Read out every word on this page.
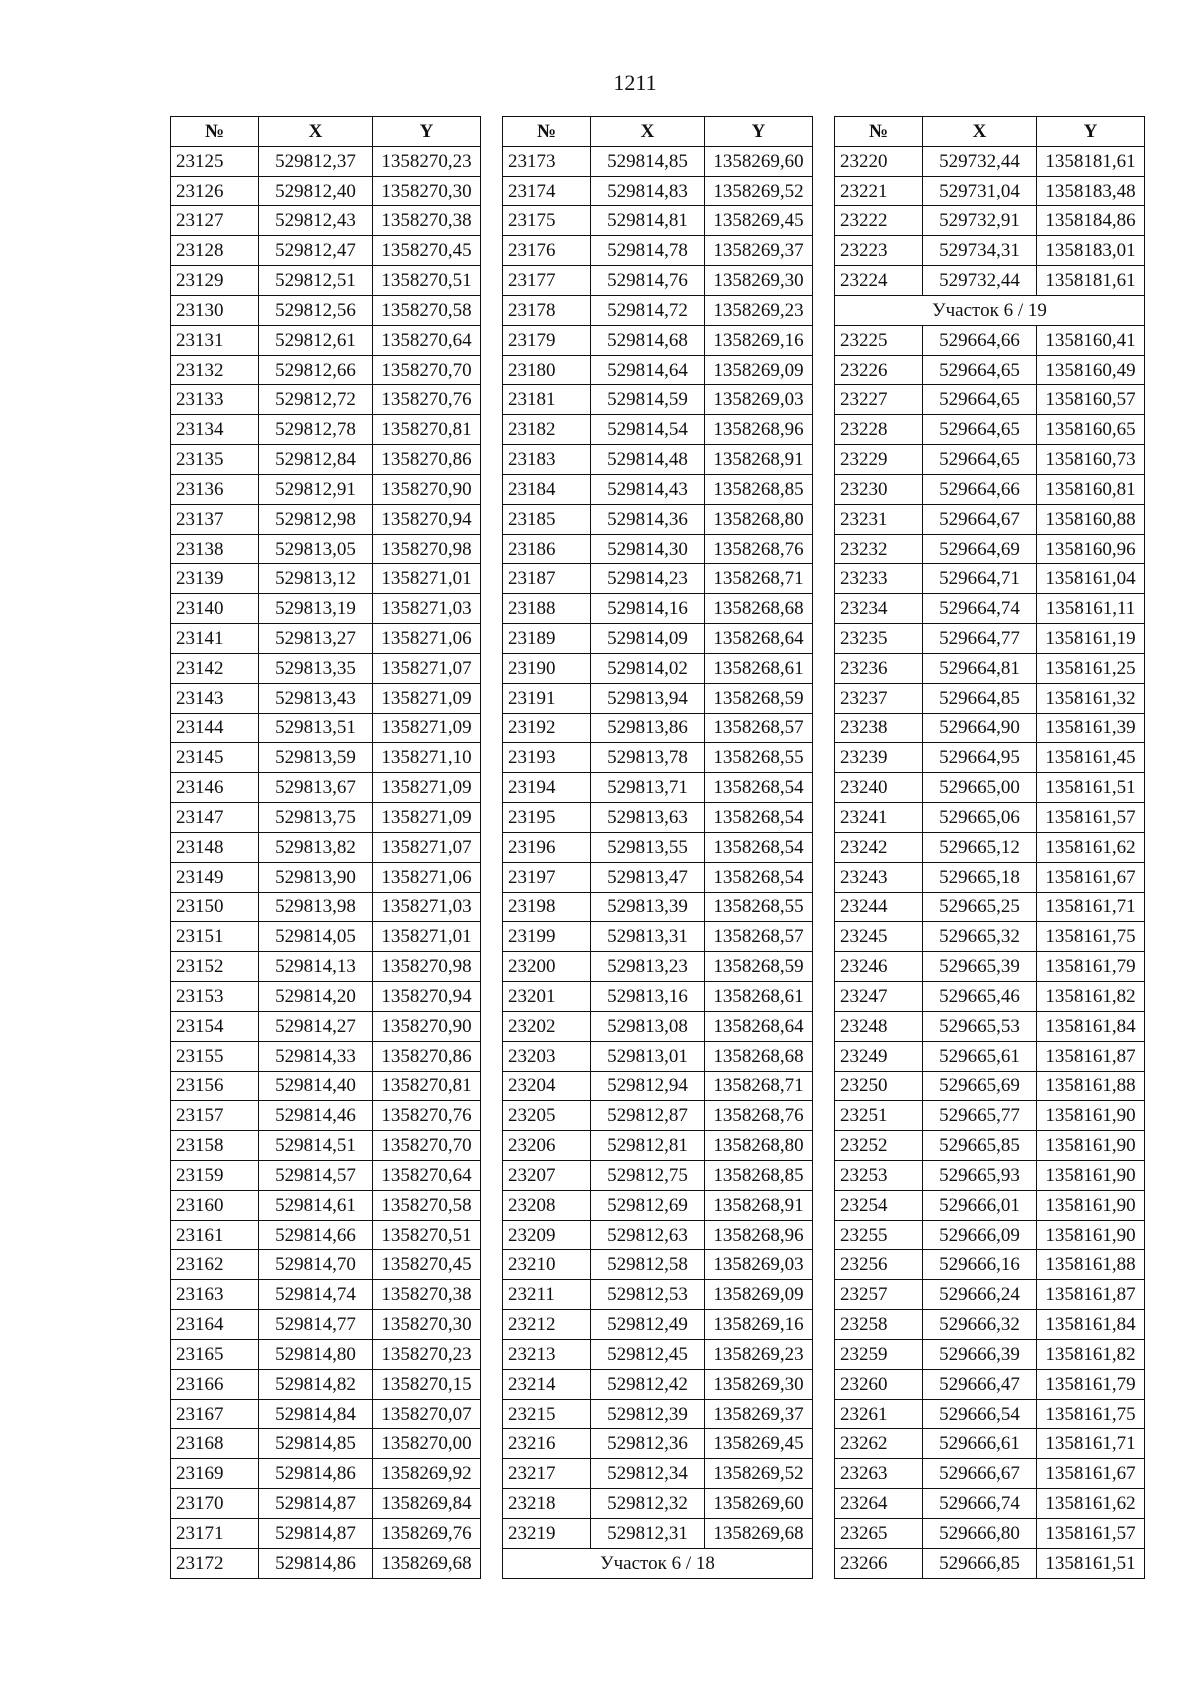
1211
№	X	Y
23125	529812,37	1358270,23
23126	529812,40	1358270,30
23127	529812,43	1358270,38
23128	529812,47	1358270,45
23129	529812,51	1358270,51
23130	529812,56	1358270,58
23131	529812,61	1358270,64
23132	529812,66	1358270,70
23133	529812,72	1358270,76
23134	529812,78	1358270,81
23135	529812,84	1358270,86
23136	529812,91	1358270,90
23137	529812,98	1358270,94
23138	529813,05	1358270,98
23139	529813,12	1358271,01
23140	529813,19	1358271,03
23141	529813,27	1358271,06
23142	529813,35	1358271,07
23143	529813,43	1358271,09
23144	529813,51	1358271,09
23145	529813,59	1358271,10
23146	529813,67	1358271,09
23147	529813,75	1358271,09
23148	529813,82	1358271,07
23149	529813,90	1358271,06
23150	529813,98	1358271,03
23151	529814,05	1358271,01
23152	529814,13	1358270,98
23153	529814,20	1358270,94
23154	529814,27	1358270,90
23155	529814,33	1358270,86
23156	529814,40	1358270,81
23157	529814,46	1358270,76
23158	529814,51	1358270,70
23159	529814,57	1358270,64
23160	529814,61	1358270,58
23161	529814,66	1358270,51
23162	529814,70	1358270,45
23163	529814,74	1358270,38
23164	529814,77	1358270,30
23165	529814,80	1358270,23
23166	529814,82	1358270,15
23167	529814,84	1358270,07
23168	529814,85	1358270,00
23169	529814,86	1358269,92
23170	529814,87	1358269,84
23171	529814,87	1358269,76
23172	529814,86	1358269,68
№	X	Y
23173	529814,85	1358269,60
23174	529814,83	1358269,52
23175	529814,81	1358269,45
23176	529814,78	1358269,37
23177	529814,76	1358269,30
23178	529814,72	1358269,23
23179	529814,68	1358269,16
23180	529814,64	1358269,09
23181	529814,59	1358269,03
23182	529814,54	1358268,96
23183	529814,48	1358268,91
23184	529814,43	1358268,85
23185	529814,36	1358268,80
23186	529814,30	1358268,76
23187	529814,23	1358268,71
23188	529814,16	1358268,68
23189	529814,09	1358268,64
23190	529814,02	1358268,61
23191	529813,94	1358268,59
23192	529813,86	1358268,57
23193	529813,78	1358268,55
23194	529813,71	1358268,54
23195	529813,63	1358268,54
23196	529813,55	1358268,54
23197	529813,47	1358268,54
23198	529813,39	1358268,55
23199	529813,31	1358268,57
23200	529813,23	1358268,59
23201	529813,16	1358268,61
23202	529813,08	1358268,64
23203	529813,01	1358268,68
23204	529812,94	1358268,71
23205	529812,87	1358268,76
23206	529812,81	1358268,80
23207	529812,75	1358268,85
23208	529812,69	1358268,91
23209	529812,63	1358268,96
23210	529812,58	1358269,03
23211	529812,53	1358269,09
23212	529812,49	1358269,16
23213	529812,45	1358269,23
23214	529812,42	1358269,30
23215	529812,39	1358269,37
23216	529812,36	1358269,45
23217	529812,34	1358269,52
23218	529812,32	1358269,60
23219	529812,31	1358269,68
Участок 6 / 18		
№	X	Y
23220	529732,44	1358181,61
23221	529731,04	1358183,48
23222	529732,91	1358184,86
23223	529734,31	1358183,01
23224	529732,44	1358181,61
Участок 6 / 19		
23225	529664,66	1358160,41
23226	529664,65	1358160,49
23227	529664,65	1358160,57
23228	529664,65	1358160,65
23229	529664,65	1358160,73
23230	529664,66	1358160,81
23231	529664,67	1358160,88
23232	529664,69	1358160,96
23233	529664,71	1358161,04
23234	529664,74	1358161,11
23235	529664,77	1358161,19
23236	529664,81	1358161,25
23237	529664,85	1358161,32
23238	529664,90	1358161,39
23239	529664,95	1358161,45
23240	529665,00	1358161,51
23241	529665,06	1358161,57
23242	529665,12	1358161,62
23243	529665,18	1358161,67
23244	529665,25	1358161,71
23245	529665,32	1358161,75
23246	529665,39	1358161,79
23247	529665,46	1358161,82
23248	529665,53	1358161,84
23249	529665,61	1358161,87
23250	529665,69	1358161,88
23251	529665,77	1358161,90
23252	529665,85	1358161,90
23253	529665,93	1358161,90
23254	529666,01	1358161,90
23255	529666,09	1358161,90
23256	529666,16	1358161,88
23257	529666,24	1358161,87
23258	529666,32	1358161,84
23259	529666,39	1358161,82
23260	529666,47	1358161,79
23261	529666,54	1358161,75
23262	529666,61	1358161,71
23263	529666,67	1358161,67
23264	529666,74	1358161,62
23265	529666,80	1358161,57
23266	529666,85	1358161,51
